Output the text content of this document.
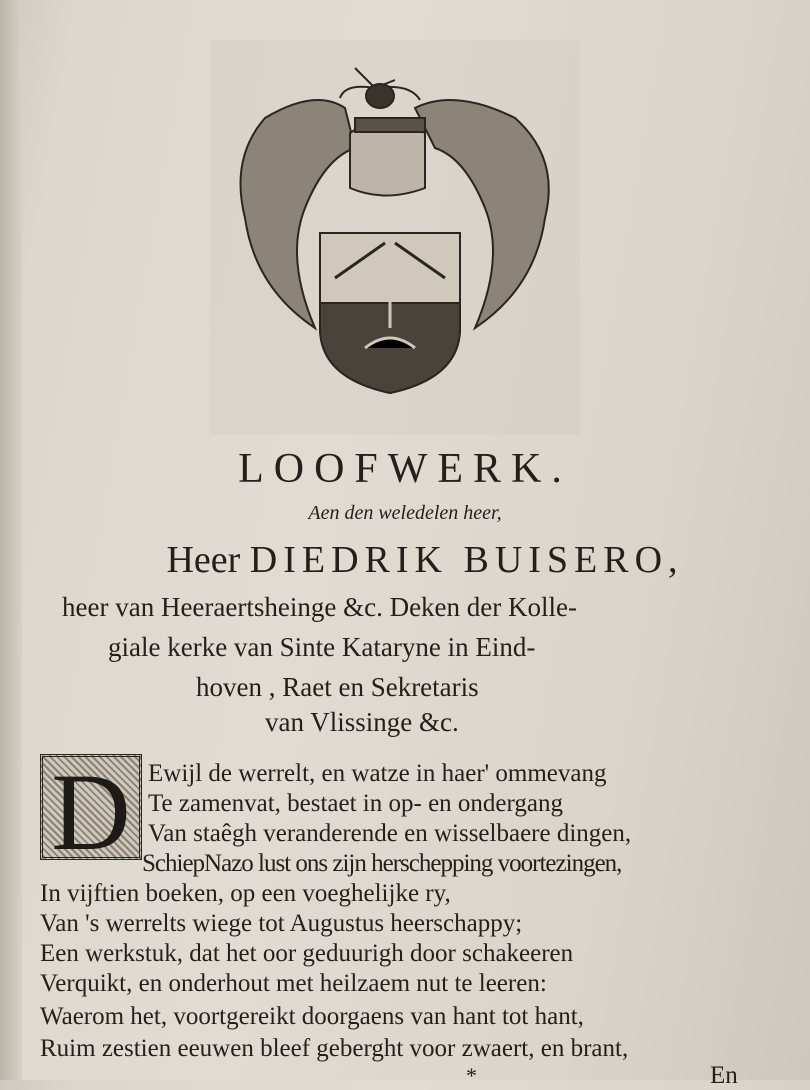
LOOFWERK.
Aen den weledelen heer,
Heer DIEDRIK BUISERO,
heer van Heeraertsheinge &c. Deken der Kolle-
giale kerke van Sinte Kataryne in Eind-
hoven , Raet en Sekretaris
van Vlissinge &c.
D Ewijl de werrelt, en watze in haer' ommevang
Te zamenvat, bestaet in op- en ondergang
Van staêgh veranderende en wisselbaere dingen,
SchiepNazo lust ons zijn herschepping voortezingen,
In vijftien boeken, op een voeghelijke ry,
Van 's werrelts wiege tot Augustus heerschappy;
Een werkstuk, dat het oor geduurigh door schakeeren
Verquikt, en onderhout met heilzaem nut te leeren:
Waerom het, voortgereikt doorgaens van hant tot hant,
Ruim zestien eeuwen bleef geberght voor zwaert, en brant,
*	En
